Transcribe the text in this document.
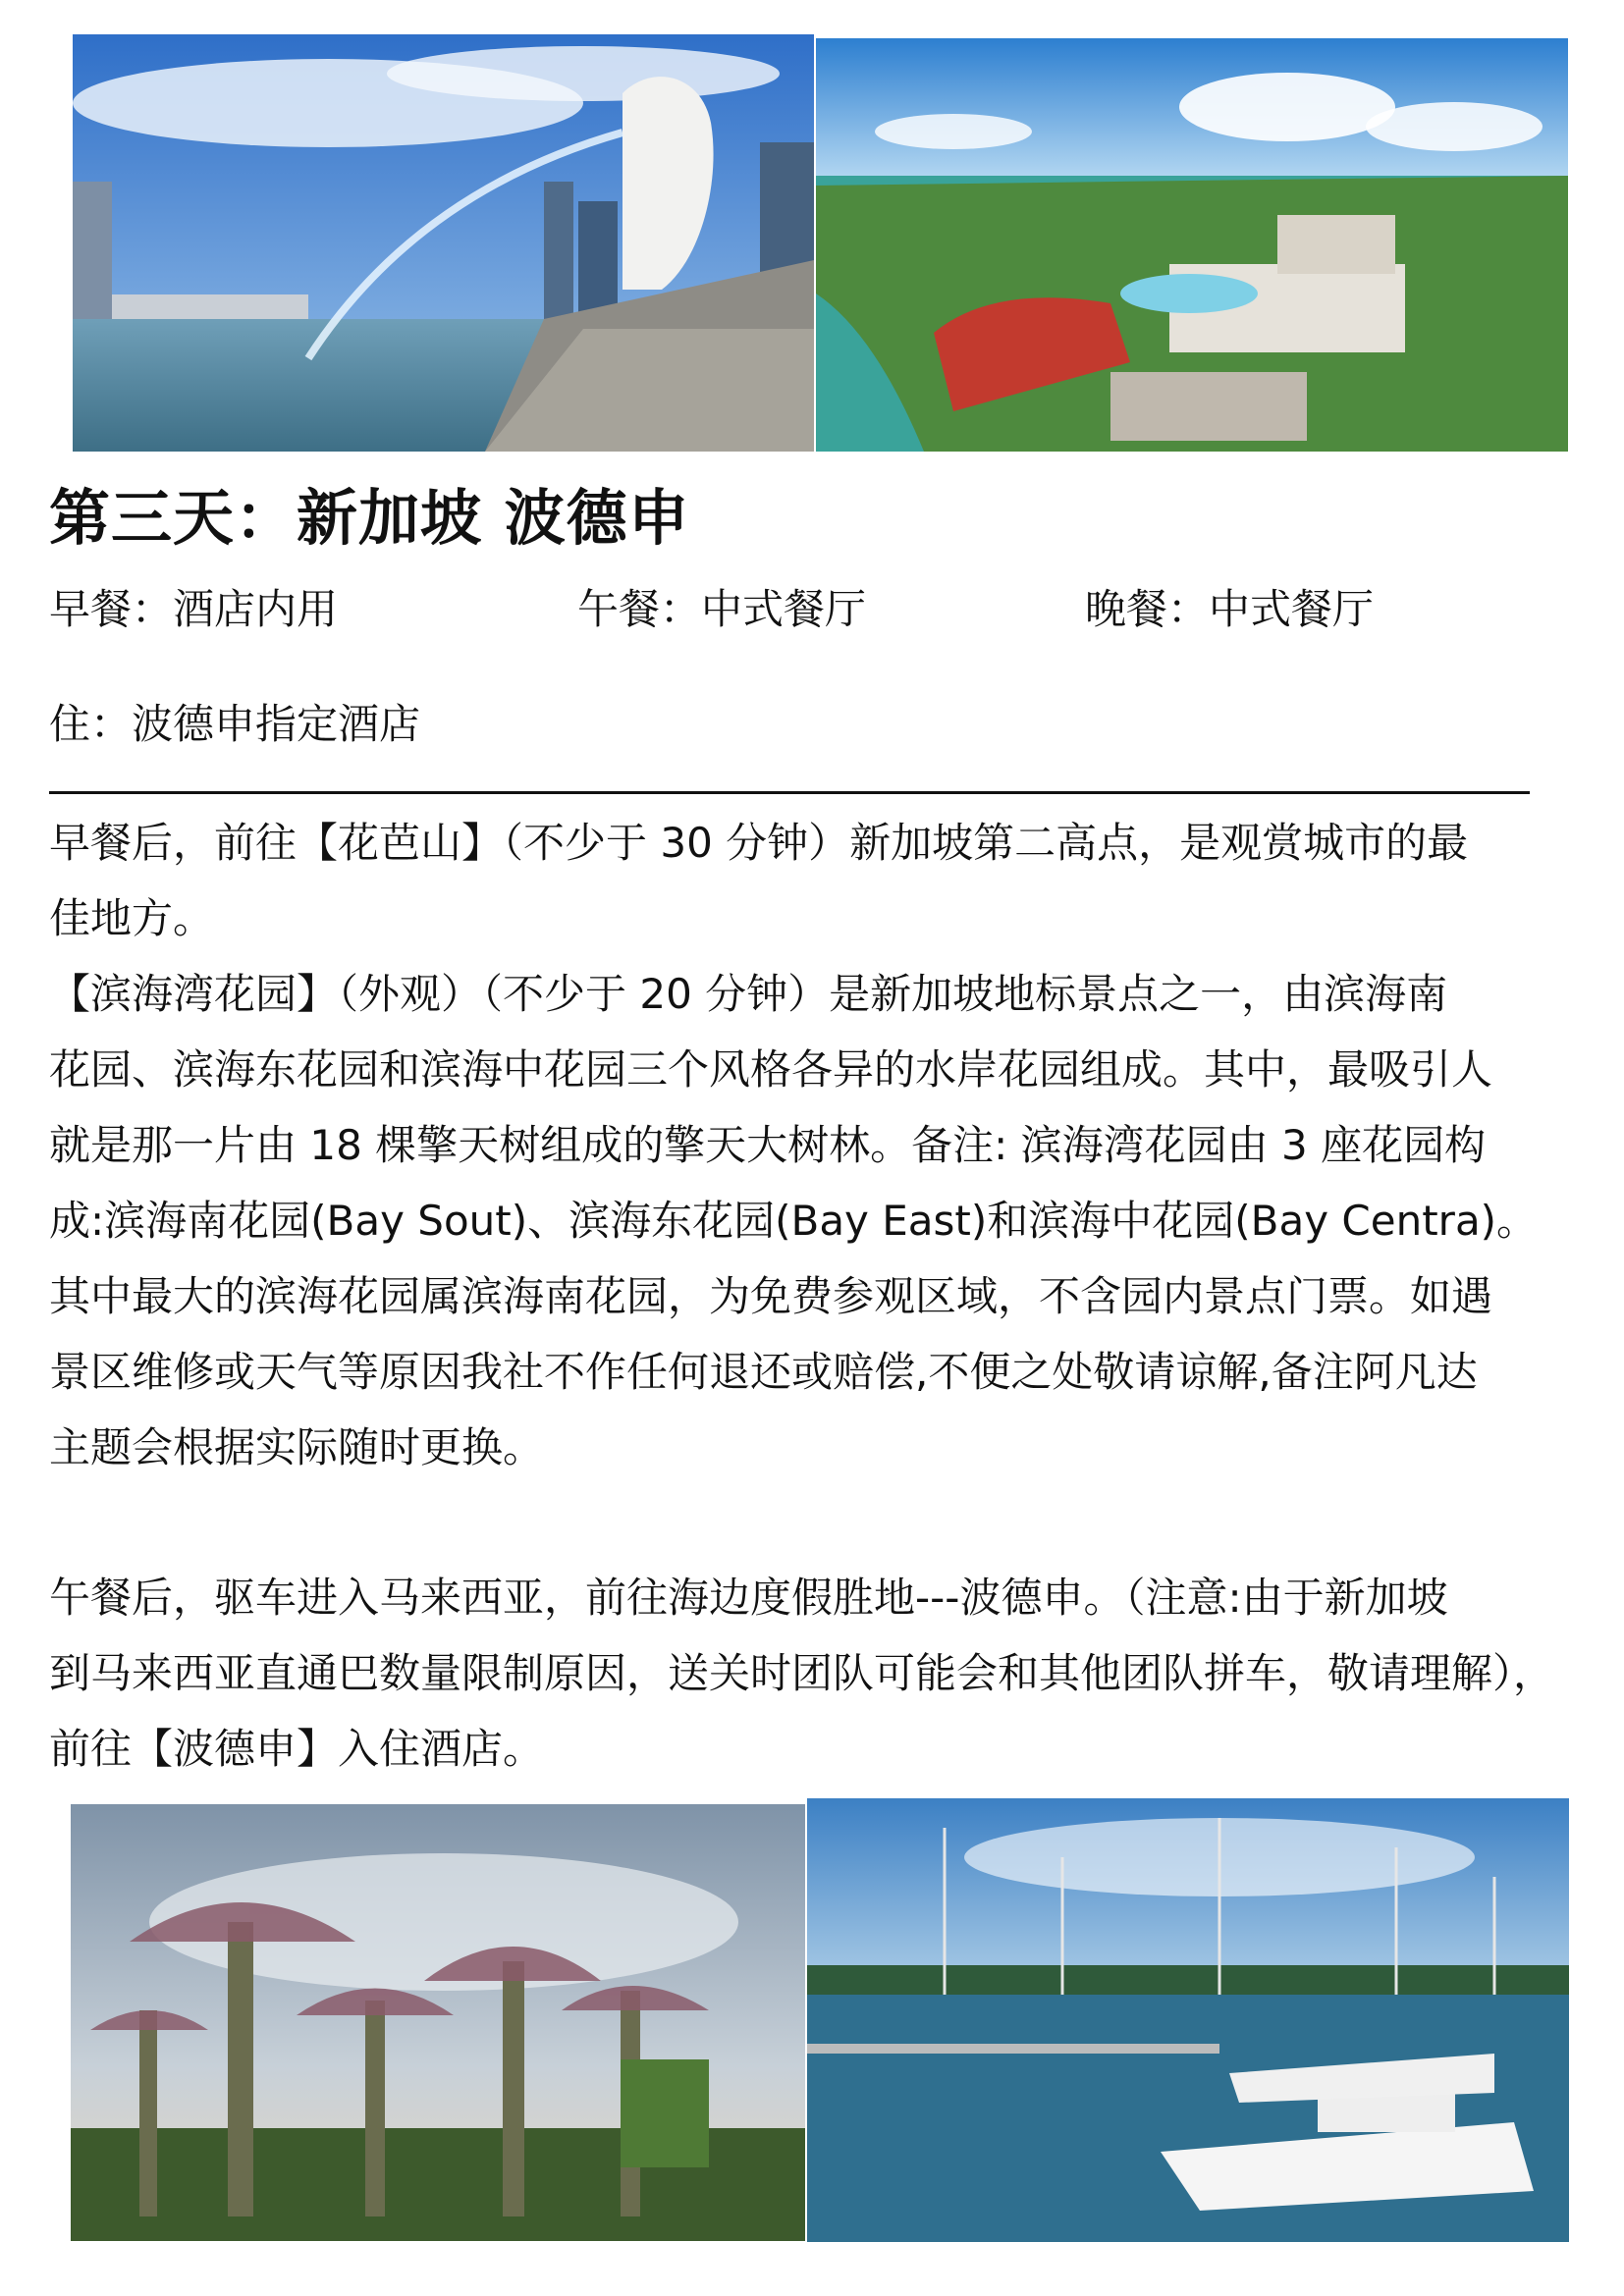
第三天：新加坡 波德申
早餐：酒店内用	午餐：中式餐厅	晚餐：中式餐厅
住：波德申指定酒店

早餐后，前往【花芭山】（不少于 30 分钟）新加坡第二高点，是观赏城市的最
佳地方。

【滨海湾花园】（外观）（不少于 20 分钟）是新加坡地标景点之一，由滨海南
花园、滨海东花园和滨海中花园三个风格各异的水岸花园组成。其中，最吸引人
就是那一片由 18 棵擎天树组成的擎天大树林。备注: 滨海湾花园由 3 座花园构
成:滨海南花园(Bay Sout)、滨海东花园(Bay East)和滨海中花园(Bay Centra)。
其中最大的滨海花园属滨海南花园，为免费参观区域，不含园内景点门票。如遇
景区维修或天气等原因我社不作任何退还或赔偿,不便之处敬请谅解,备注阿凡达
主题会根据实际随时更换。

午餐后，驱车进入马来西亚，前往海边度假胜地---波德申。（注意:由于新加坡
到马来西亚直通巴数量限制原因，送关时团队可能会和其他团队拼车，敬请理解），
前往【波德申】入住酒店。
